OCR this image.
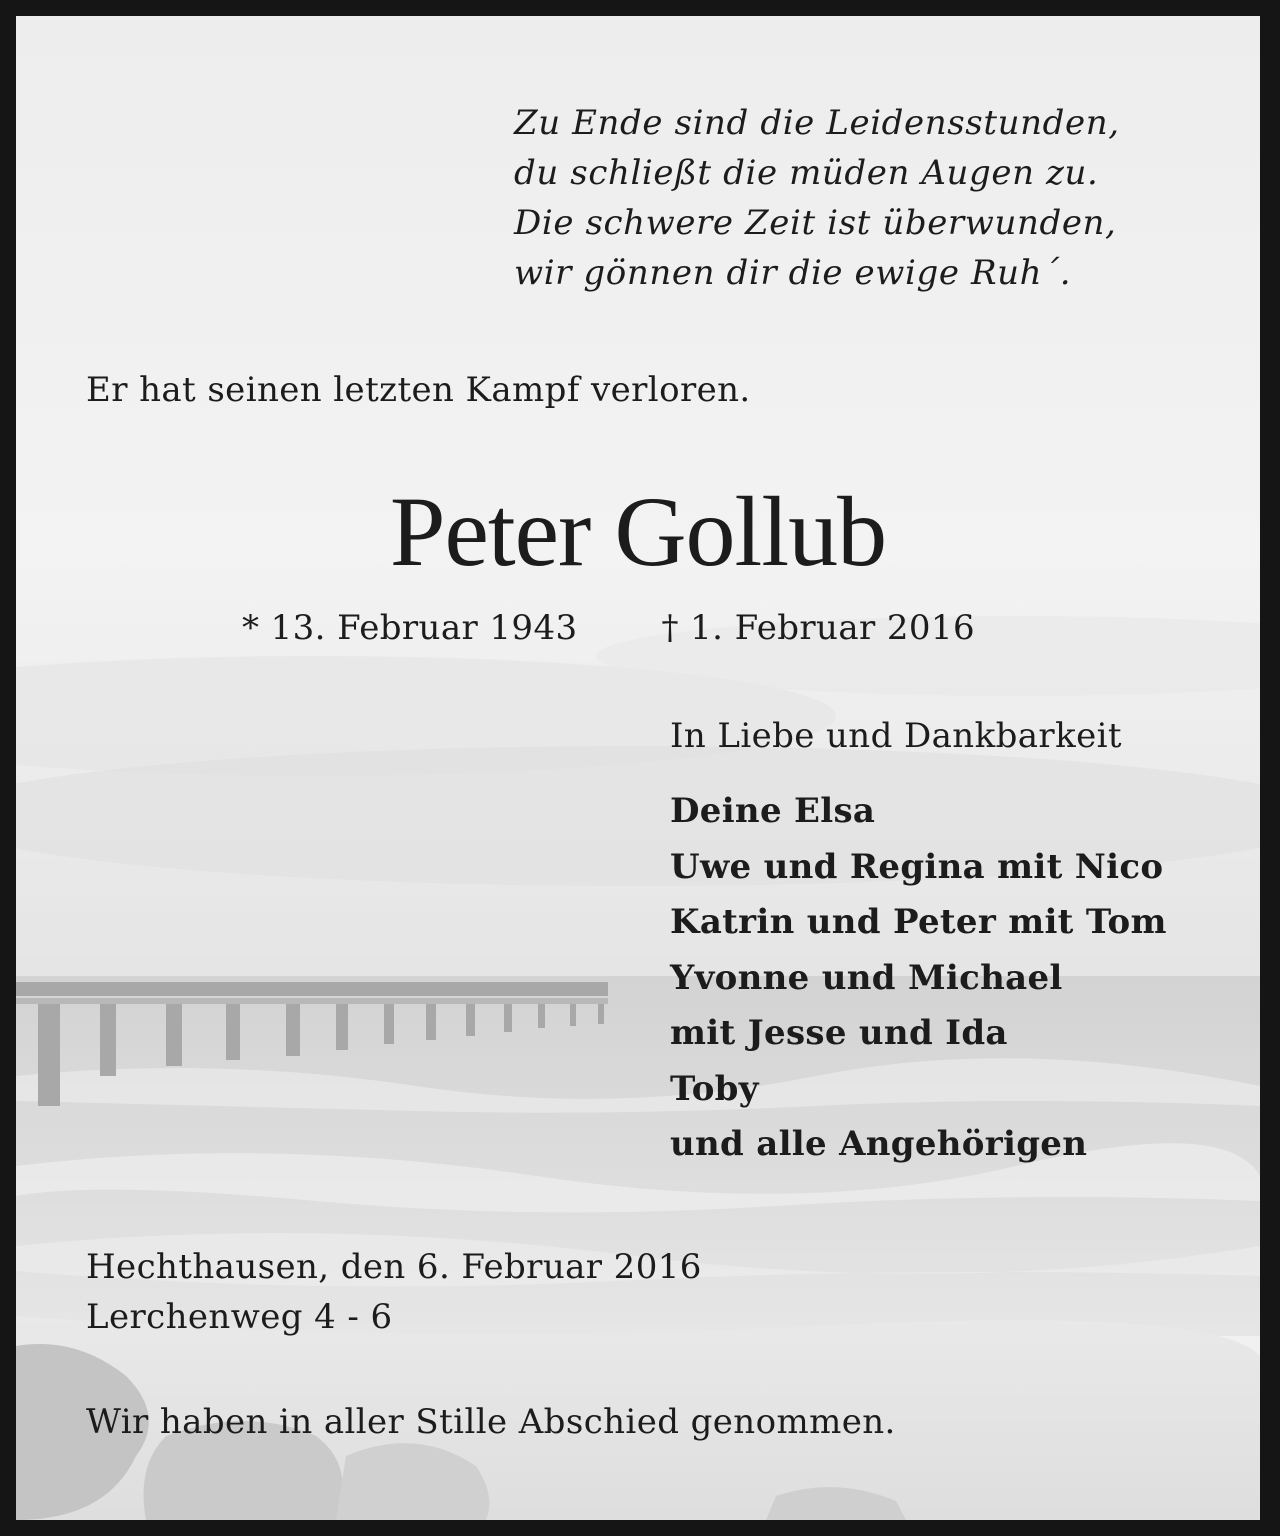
Zu Ende sind die Leidensstunden,
du schließt die müden Augen zu.
Die schwere Zeit ist überwunden,
wir gönnen dir die ewige Ruh´.
Er hat seinen letzten Kampf verloren.
Peter Gollub
* 13. Februar 1943 † 1. Februar 2016
In Liebe und Dankbarkeit
Deine Elsa
Uwe und Regina mit Nico
Katrin und Peter mit Tom
Yvonne und Michael
mit Jesse und Ida
Toby
und alle Angehörigen
Hechthausen, den 6. Februar 2016
Lerchenweg 4 - 6
Wir haben in aller Stille Abschied genommen.
